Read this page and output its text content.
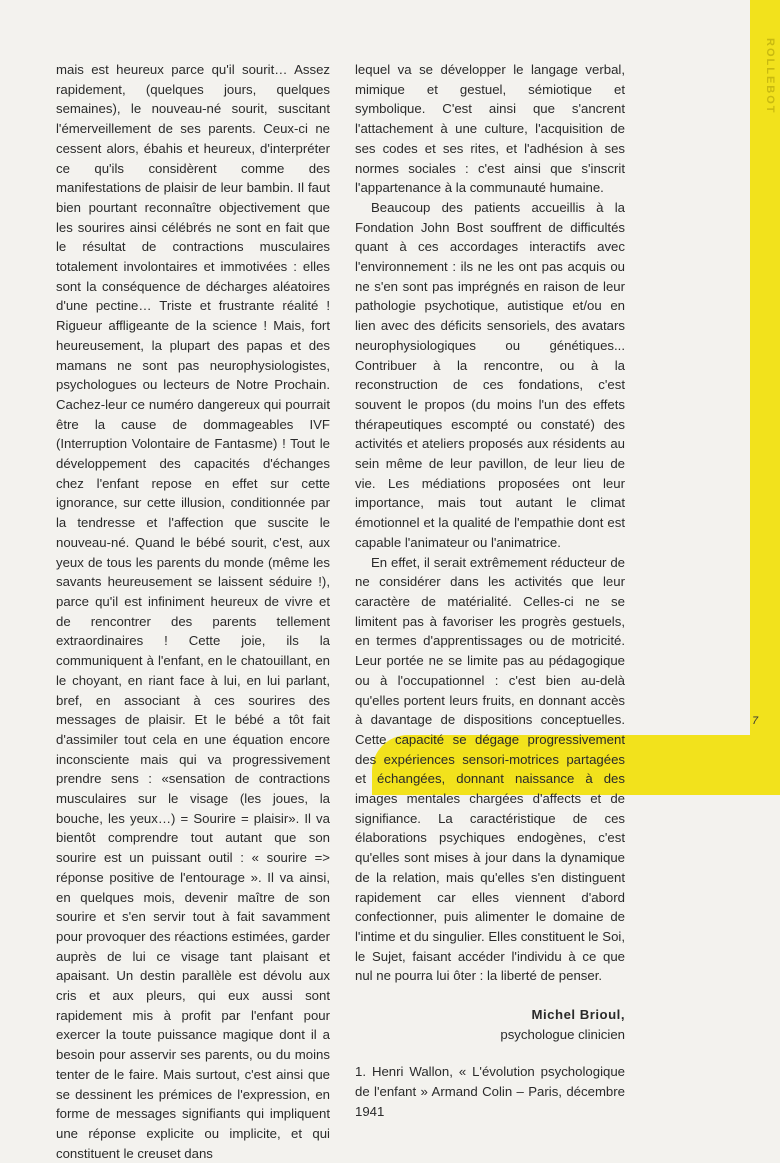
ROLLEBOT
7

mais est heureux parce qu'il sourit… Assez rapidement, (quelques jours, quelques semaines), le nouveau-né sourit, suscitant l'émerveillement de ses parents. Ceux-ci ne cessent alors, ébahis et heureux, d'interpréter ce qu'ils considèrent comme des manifestations de plaisir de leur bambin. Il faut bien pourtant reconnaître objectivement que les sourires ainsi célébrés ne sont en fait que le résultat de contractions musculaires totalement involontaires et immotivées : elles sont la conséquence de décharges aléatoires d'une pectine… Triste et frustrante réalité ! Rigueur affligeante de la science ! Mais, fort heureusement, la plupart des papas et des mamans ne sont pas neurophysiologistes, psychologues ou lecteurs de Notre Prochain. Cachez-leur ce numéro dangereux qui pourrait être la cause de dommageables IVF (Interruption Volontaire de Fantasme) ! Tout le développement des capacités d'échanges chez l'enfant repose en effet sur cette ignorance, sur cette illusion, conditionnée par la tendresse et l'affection que suscite le nouveau-né. Quand le bébé sourit, c'est, aux yeux de tous les parents du monde (même les savants heureusement se laissent séduire !), parce qu'il est infiniment heureux de vivre et de rencontrer des parents tellement extraordinaires ! Cette joie, ils la communiquent à l'enfant, en le chatouillant, en le choyant, en riant face à lui, en lui parlant, bref, en associant à ces sourires des messages de plaisir. Et le bébé a tôt fait d'assimiler tout cela en une équation encore inconsciente mais qui va progressivement prendre sens : «sensation de contractions musculaires sur le visage (les joues, la bouche, les yeux…) = Sourire = plaisir». Il va bientôt comprendre tout autant que son sourire est un puissant outil : « sourire => réponse positive de l'entourage ». Il va ainsi, en quelques mois, devenir maître de son sourire et s'en servir tout à fait savamment pour provoquer des réactions estimées, garder auprès de lui ce visage tant plaisant et apaisant. Un destin parallèle est dévolu aux cris et aux pleurs, qui eux aussi sont rapidement mis à profit par l'enfant pour exercer la toute puissance magique dont il a besoin pour asservir ses parents, ou du moins tenter de le faire. Mais surtout, c'est ainsi que se dessinent les prémices de l'expression, en forme de messages signifiants qui impliquent une réponse explicite ou implicite, et qui constituent le creuset dans

lequel va se développer le langage verbal, mimique et gestuel, sémiotique et symbolique. C'est ainsi que s'ancrent l'attachement à une culture, l'acquisition de ses codes et ses rites, et l'adhésion à ses normes sociales : c'est ainsi que s'inscrit l'appartenance à la communauté humaine.

Beaucoup des patients accueillis à la Fondation John Bost souffrent de difficultés quant à ces accordages interactifs avec l'environnement : ils ne les ont pas acquis ou ne s'en sont pas imprégnés en raison de leur pathologie psychotique, autistique et/ou en lien avec des déficits sensoriels, des avatars neurophysiologiques ou génétiques... Contribuer à la rencontre, ou à la reconstruction de ces fondations, c'est souvent le propos (du moins l'un des effets thérapeutiques escompté ou constaté) des activités et ateliers proposés aux résidents au sein même de leur pavillon, de leur lieu de vie. Les médiations proposées ont leur importance, mais tout autant le climat émotionnel et la qualité de l'empathie dont est capable l'animateur ou l'animatrice.

En effet, il serait extrêmement réducteur de ne considérer dans les activités que leur caractère de matérialité. Celles-ci ne se limitent pas à favoriser les progrès gestuels, en termes d'apprentissages ou de motricité. Leur portée ne se limite pas au pédagogique ou à l'occupationnel : c'est bien au-delà qu'elles portent leurs fruits, en donnant accès à davantage de dispositions conceptuelles. Cette capacité se dégage progressivement des expériences sensori-motrices partagées et échangées, donnant naissance à des images mentales chargées d'affects et de signifiance. La caractéristique de ces élaborations psychiques endogènes, c'est qu'elles sont mises à jour dans la dynamique de la relation, mais qu'elles s'en distinguent rapidement car elles viennent d'abord confectionner, puis alimenter le domaine de l'intime et du singulier. Elles constituent le Soi, le Sujet, faisant accéder l'individu à ce que nul ne pourra lui ôter : la liberté de penser.

Michel Brioul,
psychologue clinicien

1. Henri Wallon, « L'évolution psychologique de l'enfant » Armand Colin – Paris, décembre 1941
